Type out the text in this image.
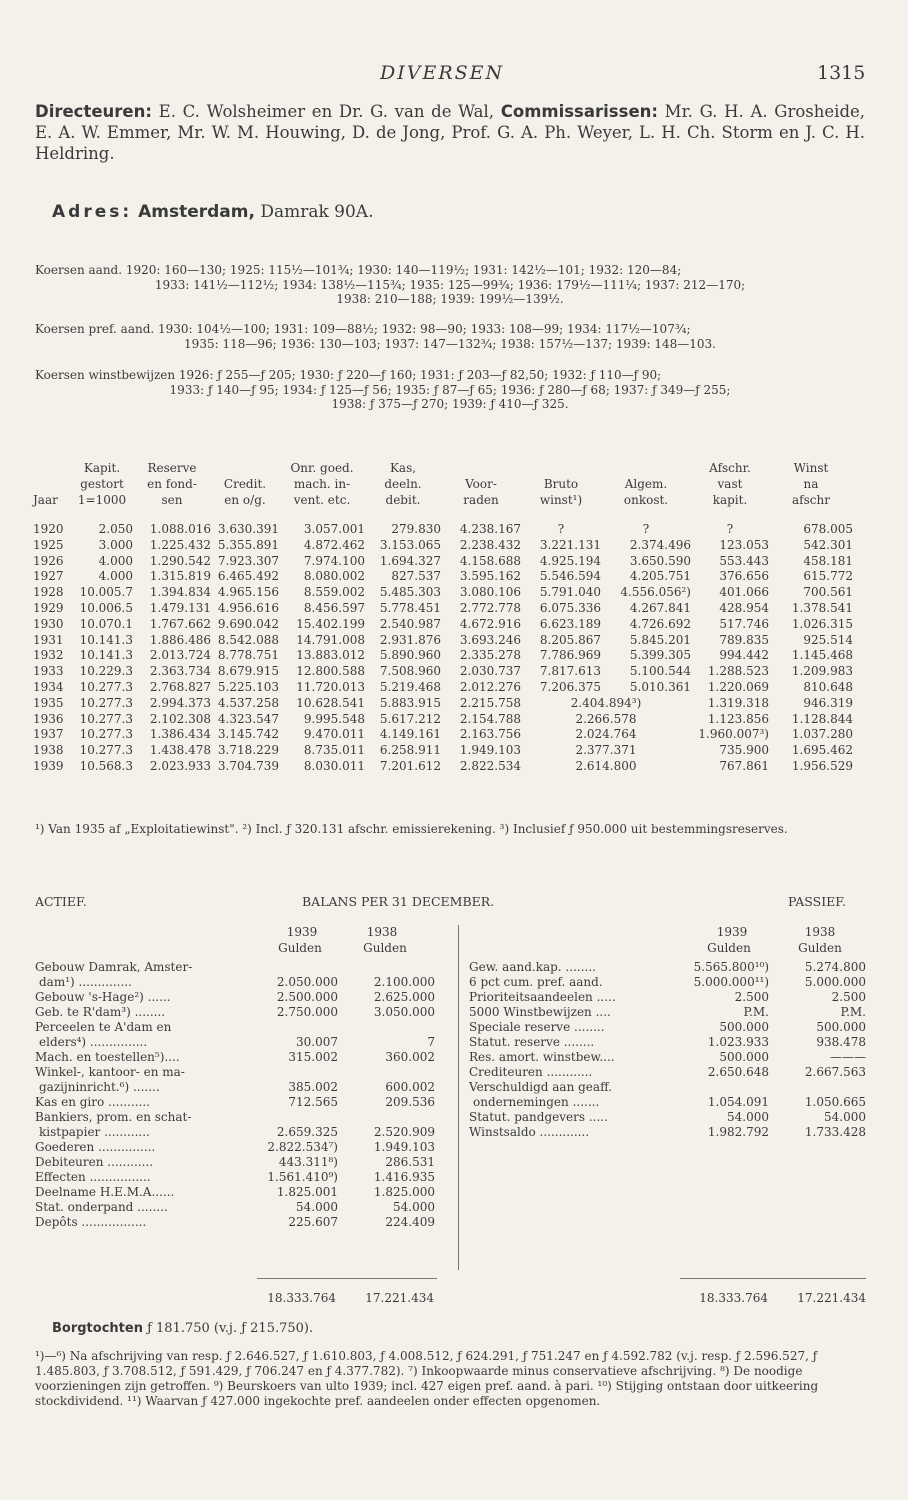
DIVERSEN	1315
Directeuren: E. C. Wolsheimer en Dr. G. van de Wal, Commissarissen: Mr. G. H. A. Grosheide, E. A. W. Emmer, Mr. W. M. Houwing, D. de Jong, Prof. G. A. Ph. Weyer, L. H. Ch. Storm en J. C. H. Heldring.
Adres: Amsterdam, Damrak 90A.
Koersen aand. 1920: 160—130; 1925: 115½—101¾; 1930: 140—119½; 1931: 142½—101; 1932: 120—84;
1933: 141½—112½; 1934: 138½—115¾; 1935: 125—99¾; 1936: 179½—111¼; 1937: 212—170;
1938: 210—188; 1939: 199½—139½.
Koersen pref. aand. 1930: 104½—100; 1931: 109—88½; 1932: 98—90; 1933: 108—99; 1934: 117½—107¾;
1935: 118—96; 1936: 130—103; 1937: 147—132¾; 1938: 157½—137; 1939: 148—103.
Koersen winstbewijzen 1926: ƒ 255—ƒ 205; 1930: ƒ 220—ƒ 160; 1931: ƒ 203—ƒ 82,50; 1932: ƒ 110—ƒ 90;
1933: ƒ 140—ƒ 95; 1934: ƒ 125—ƒ 56; 1935: ƒ 87—ƒ 65; 1936: ƒ 280—ƒ 68; 1937: ƒ 349—ƒ 255;
1938: ƒ 375—ƒ 270; 1939: ƒ 410—ƒ 325.
	Kapit.	Reserve		Onr. goed.	Kas,				Afschr.	Winst
	gestort	en fond-	Credit.	mach. in-	deeln.	Voor-	Bruto	Algem.	vast	na
Jaar	1=1000	sen	en o/g.	vent. etc.	debit.	raden	winst¹)	onkost.	kapit.	afschr
1920	2.050	1.088.016	3.630.391	3.057.001	279.830	4.238.167	?	?	?	678.005
1925	3.000	1.225.432	5.355.891	4.872.462	3.153.065	2.238.432	3.221.131	2.374.496	123.053	542.301
1926	4.000	1.290.542	7.923.307	7.974.100	1.694.327	4.158.688	4.925.194	3.650.590	553.443	458.181
1927	4.000	1.315.819	6.465.492	8.080.002	827.537	3.595.162	5.546.594	4.205.751	376.656	615.772
1928	10.005.7	1.394.834	4.965.156	8.559.002	5.485.303	3.080.106	5.791.040	4.556.056²)	401.066	700.561
1929	10.006.5	1.479.131	4.956.616	8.456.597	5.778.451	2.772.778	6.075.336	4.267.841	428.954	1.378.541
1930	10.070.1	1.767.662	9.690.042	15.402.199	2.540.987	4.672.916	6.623.189	4.726.692	517.746	1.026.315
1931	10.141.3	1.886.486	8.542.088	14.791.008	2.931.876	3.693.246	8.205.867	5.845.201	789.835	925.514
1932	10.141.3	2.013.724	8.778.751	13.883.012	5.890.960	2.335.278	7.786.969	5.399.305	994.442	1.145.468
1933	10.229.3	2.363.734	8.679.915	12.800.588	7.508.960	2.030.737	7.817.613	5.100.544	1.288.523	1.209.983
1934	10.277.3	2.768.827	5.225.103	11.720.013	5.219.468	2.012.276	7.206.375	5.010.361	1.220.069	810.648
1935	10.277.3	2.994.373	4.537.258	10.628.541	5.883.915	2.215.758	2.404.894³)		1.319.318	946.319
1936	10.277.3	2.102.308	4.323.547	9.995.548	5.617.212	2.154.788	2.266.578		1.123.856	1.128.844
1937	10.277.3	1.386.434	3.145.742	9.470.011	4.149.161	2.163.756	2.024.764		1.960.007³)	1.037.280
1938	10.277.3	1.438.478	3.718.229	8.735.011	6.258.911	1.949.103	2.377.371		735.900	1.695.462
1939	10.568.3	2.023.933	3.704.739	8.030.011	7.201.612	2.822.534	2.614.800		767.861	1.956.529
¹) Van 1935 af „Exploitatiewinst". ²) Incl. ƒ 320.131 afschr. emissierekening. ³) Inclusief ƒ 950.000 uit bestemmingsreserves.
ACTIEF.	BALANS PER 31 DECEMBER.	PASSIEF.
1939	1938
Gulden	Gulden
1939	1938
Gulden	Gulden
Gebouw Damrak, Amster-
dam¹) ..............	2.050.000	2.100.000
Gebouw 's-Hage²) ......	2.500.000	2.625.000
Geb. te R'dam³) ........	2.750.000	3.050.000
Perceelen te A'dam en
elders⁴) ...............	30.007	7
Mach. en toestellen⁵)....	315.002	360.002
Winkel-, kantoor- en ma-
gazijninricht.⁶) .......	385.002	600.002
Kas en giro ...........	712.565	209.536
Bankiers, prom. en schat-
kistpapier ............	2.659.325	2.520.909
Goederen ...............	2.822.534⁷)	1.949.103
Debiteuren ............	443.311⁸)	286.531
Effecten ................	1.561.410⁹)	1.416.935
Deelname H.E.M.A......	1.825.001	1.825.000
Stat. onderpand ........	54.000	54.000
Depôts .................	225.607	224.409
Gew. aand.kap. ........	5.565.800¹⁰)	5.274.800
6 pct cum. pref. aand.	5.000.000¹¹)	5.000.000
Prioriteitsaandeelen .....	2.500	2.500
5000 Winstbewijzen ....	P.M.	P.M.
Speciale reserve ........	500.000	500.000
Statut. reserve ........	1.023.933	938.478
Res. amort. winstbew....	500.000	———
Crediteuren ............	2.650.648	2.667.563
Verschuldigd aan geaff.
ondernemingen .......	1.054.091	1.050.665
Statut. pandgevers .....	54.000	54.000
Winstsaldo .............	1.982.792	1.733.428
18.333.764	17.221.434	18.333.764	17.221.434
Borgtochten ƒ 181.750 (v.j. ƒ 215.750).
¹)—⁶) Na afschrijving van resp. ƒ 2.646.527, ƒ 1.610.803, ƒ 4.008.512, ƒ 624.291, ƒ 751.247 en ƒ 4.592.782 (v.j. resp. ƒ 2.596.527, ƒ 1.485.803, ƒ 3.708.512, ƒ 591.429, ƒ 706.247 en ƒ 4.377.782). ⁷) Inkoopwaarde minus conservatieve afschrijving. ⁸) De noodige voorzieningen zijn getroffen. ⁹) Beurskoers van ulto 1939; incl. 427 eigen pref. aand. à pari. ¹⁰) Stijging ontstaan door uitkeering stockdividend. ¹¹) Waarvan ƒ 427.000 ingekochte pref. aandeelen onder effecten opgenomen.
